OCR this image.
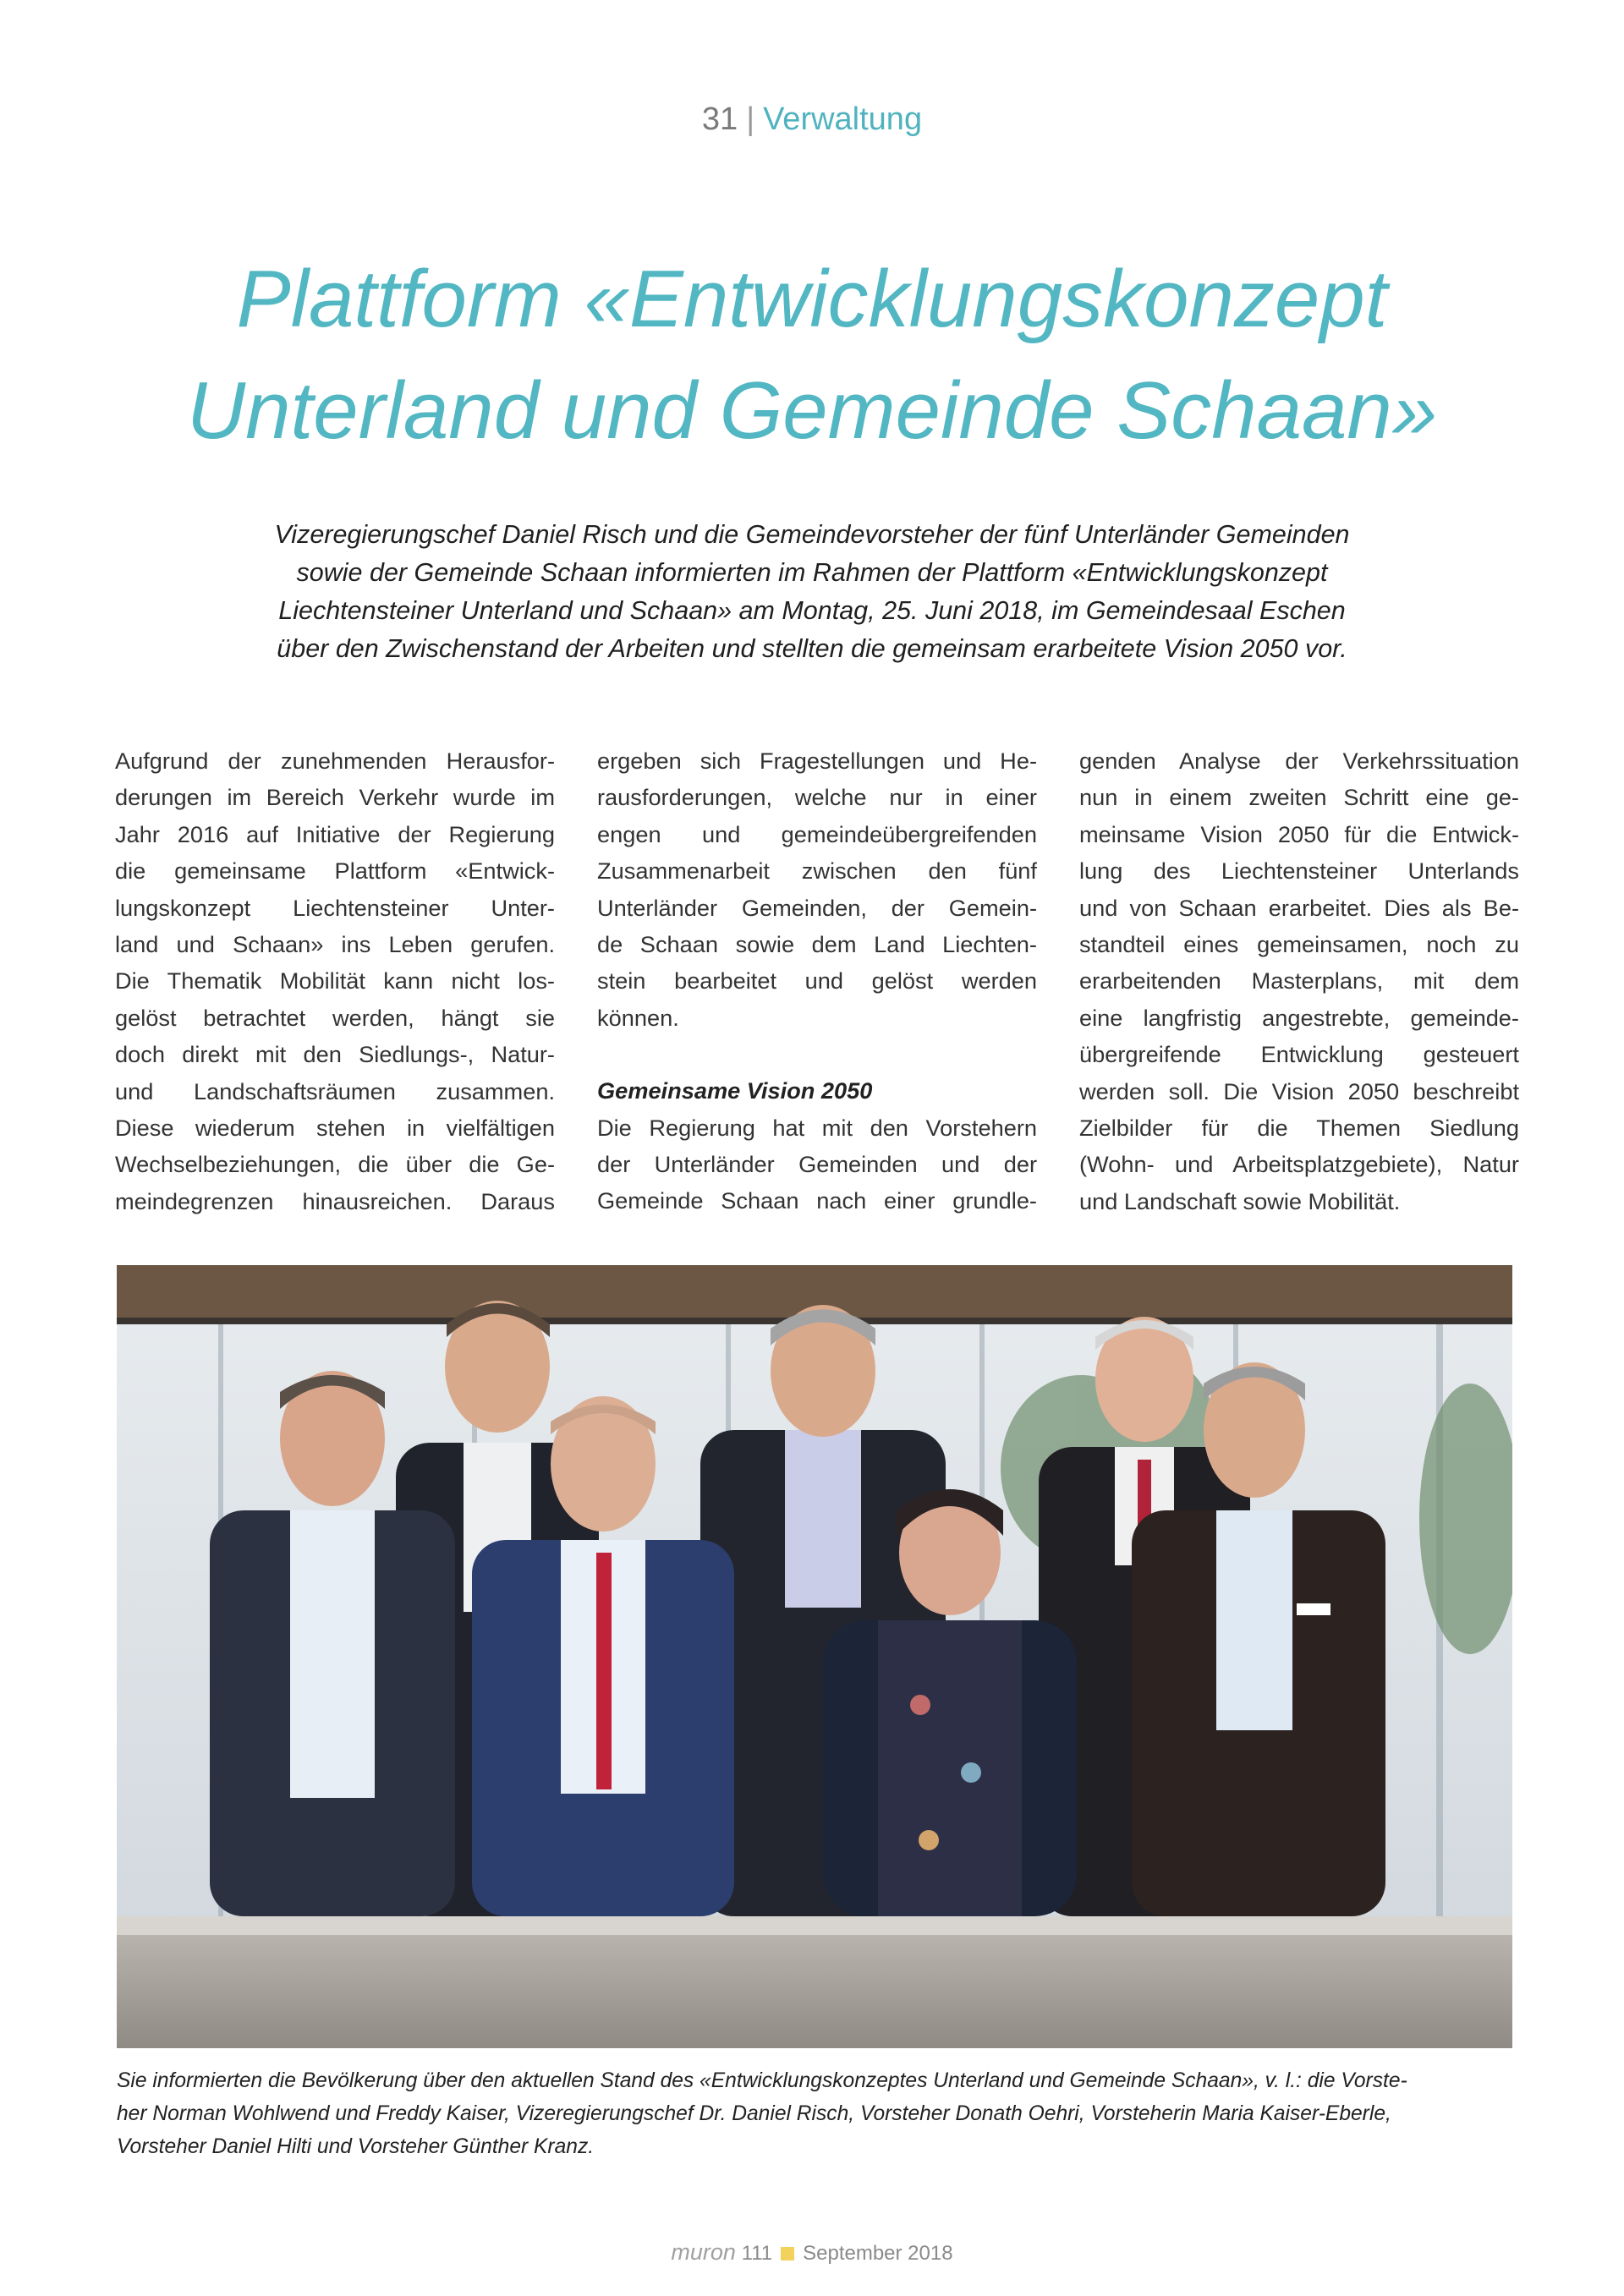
31 | Verwaltung
Plattform «Entwicklungskonzept
Unterland und Gemeinde Schaan»
Vizeregierungschef Daniel Risch und die Gemeindevorsteher der fünf Unterländer Gemeinden
sowie der Gemeinde Schaan informierten im Rahmen der Plattform «Entwicklungskonzept
Liechtensteiner Unterland und Schaan» am Montag, 25. Juni 2018, im Gemeindesaal Eschen
über den Zwischenstand der Arbeiten und stellten die gemeinsam erarbeitete Vision 2050 vor.
Aufgrund der zunehmenden Herausfor-
derungen im Bereich Verkehr wurde im
Jahr 2016 auf Initiative der Regierung
die gemeinsame Plattform «Entwick-
lungskonzept Liechtensteiner Unter-
land und Schaan» ins Leben gerufen.
Die Thematik Mobilität kann nicht los-
gelöst betrachtet werden, hängt sie
doch direkt mit den Siedlungs-, Natur-
und Landschaftsräumen zusammen.
Diese wiederum stehen in vielfältigen
Wechselbeziehungen, die über die Ge-
meindegrenzen hinausreichen. Daraus
ergeben sich Fragestellungen und He-
rausforderungen, welche nur in einer
engen und gemeindeübergreifenden
Zusammenarbeit zwischen den fünf
Unterländer Gemeinden, der Gemein-
de Schaan sowie dem Land Liechten-
stein bearbeitet und gelöst werden
können.
Gemeinsame Vision 2050
Die Regierung hat mit den Vorstehern
der Unterländer Gemeinden und der
Gemeinde Schaan nach einer grundle-
genden Analyse der Verkehrssituation
nun in einem zweiten Schritt eine ge-
meinsame Vision 2050 für die Entwick-
lung des Liechtensteiner Unterlands
und von Schaan erarbeitet. Dies als Be-
standteil eines gemeinsamen, noch zu
erarbeitenden Masterplans, mit dem
eine langfristig angestrebte, gemeinde-
übergreifende Entwicklung gesteuert
werden soll. Die Vision 2050 beschreibt
Zielbilder für die Themen Siedlung
(Wohn- und Arbeitsplatzgebiete), Natur
und Landschaft sowie Mobilität.
Sie informierten die Bevölkerung über den aktuellen Stand des «Entwicklungskonzeptes Unterland und Gemeinde Schaan», v. l.: die Vorste-
her Norman Wohlwend und Freddy Kaiser, Vizeregierungschef Dr. Daniel Risch, Vorsteher Donath Oehri, Vorsteherin Maria Kaiser-Eberle,
Vorsteher Daniel Hilti und Vorsteher Günther Kranz.
muron 111 September 2018
